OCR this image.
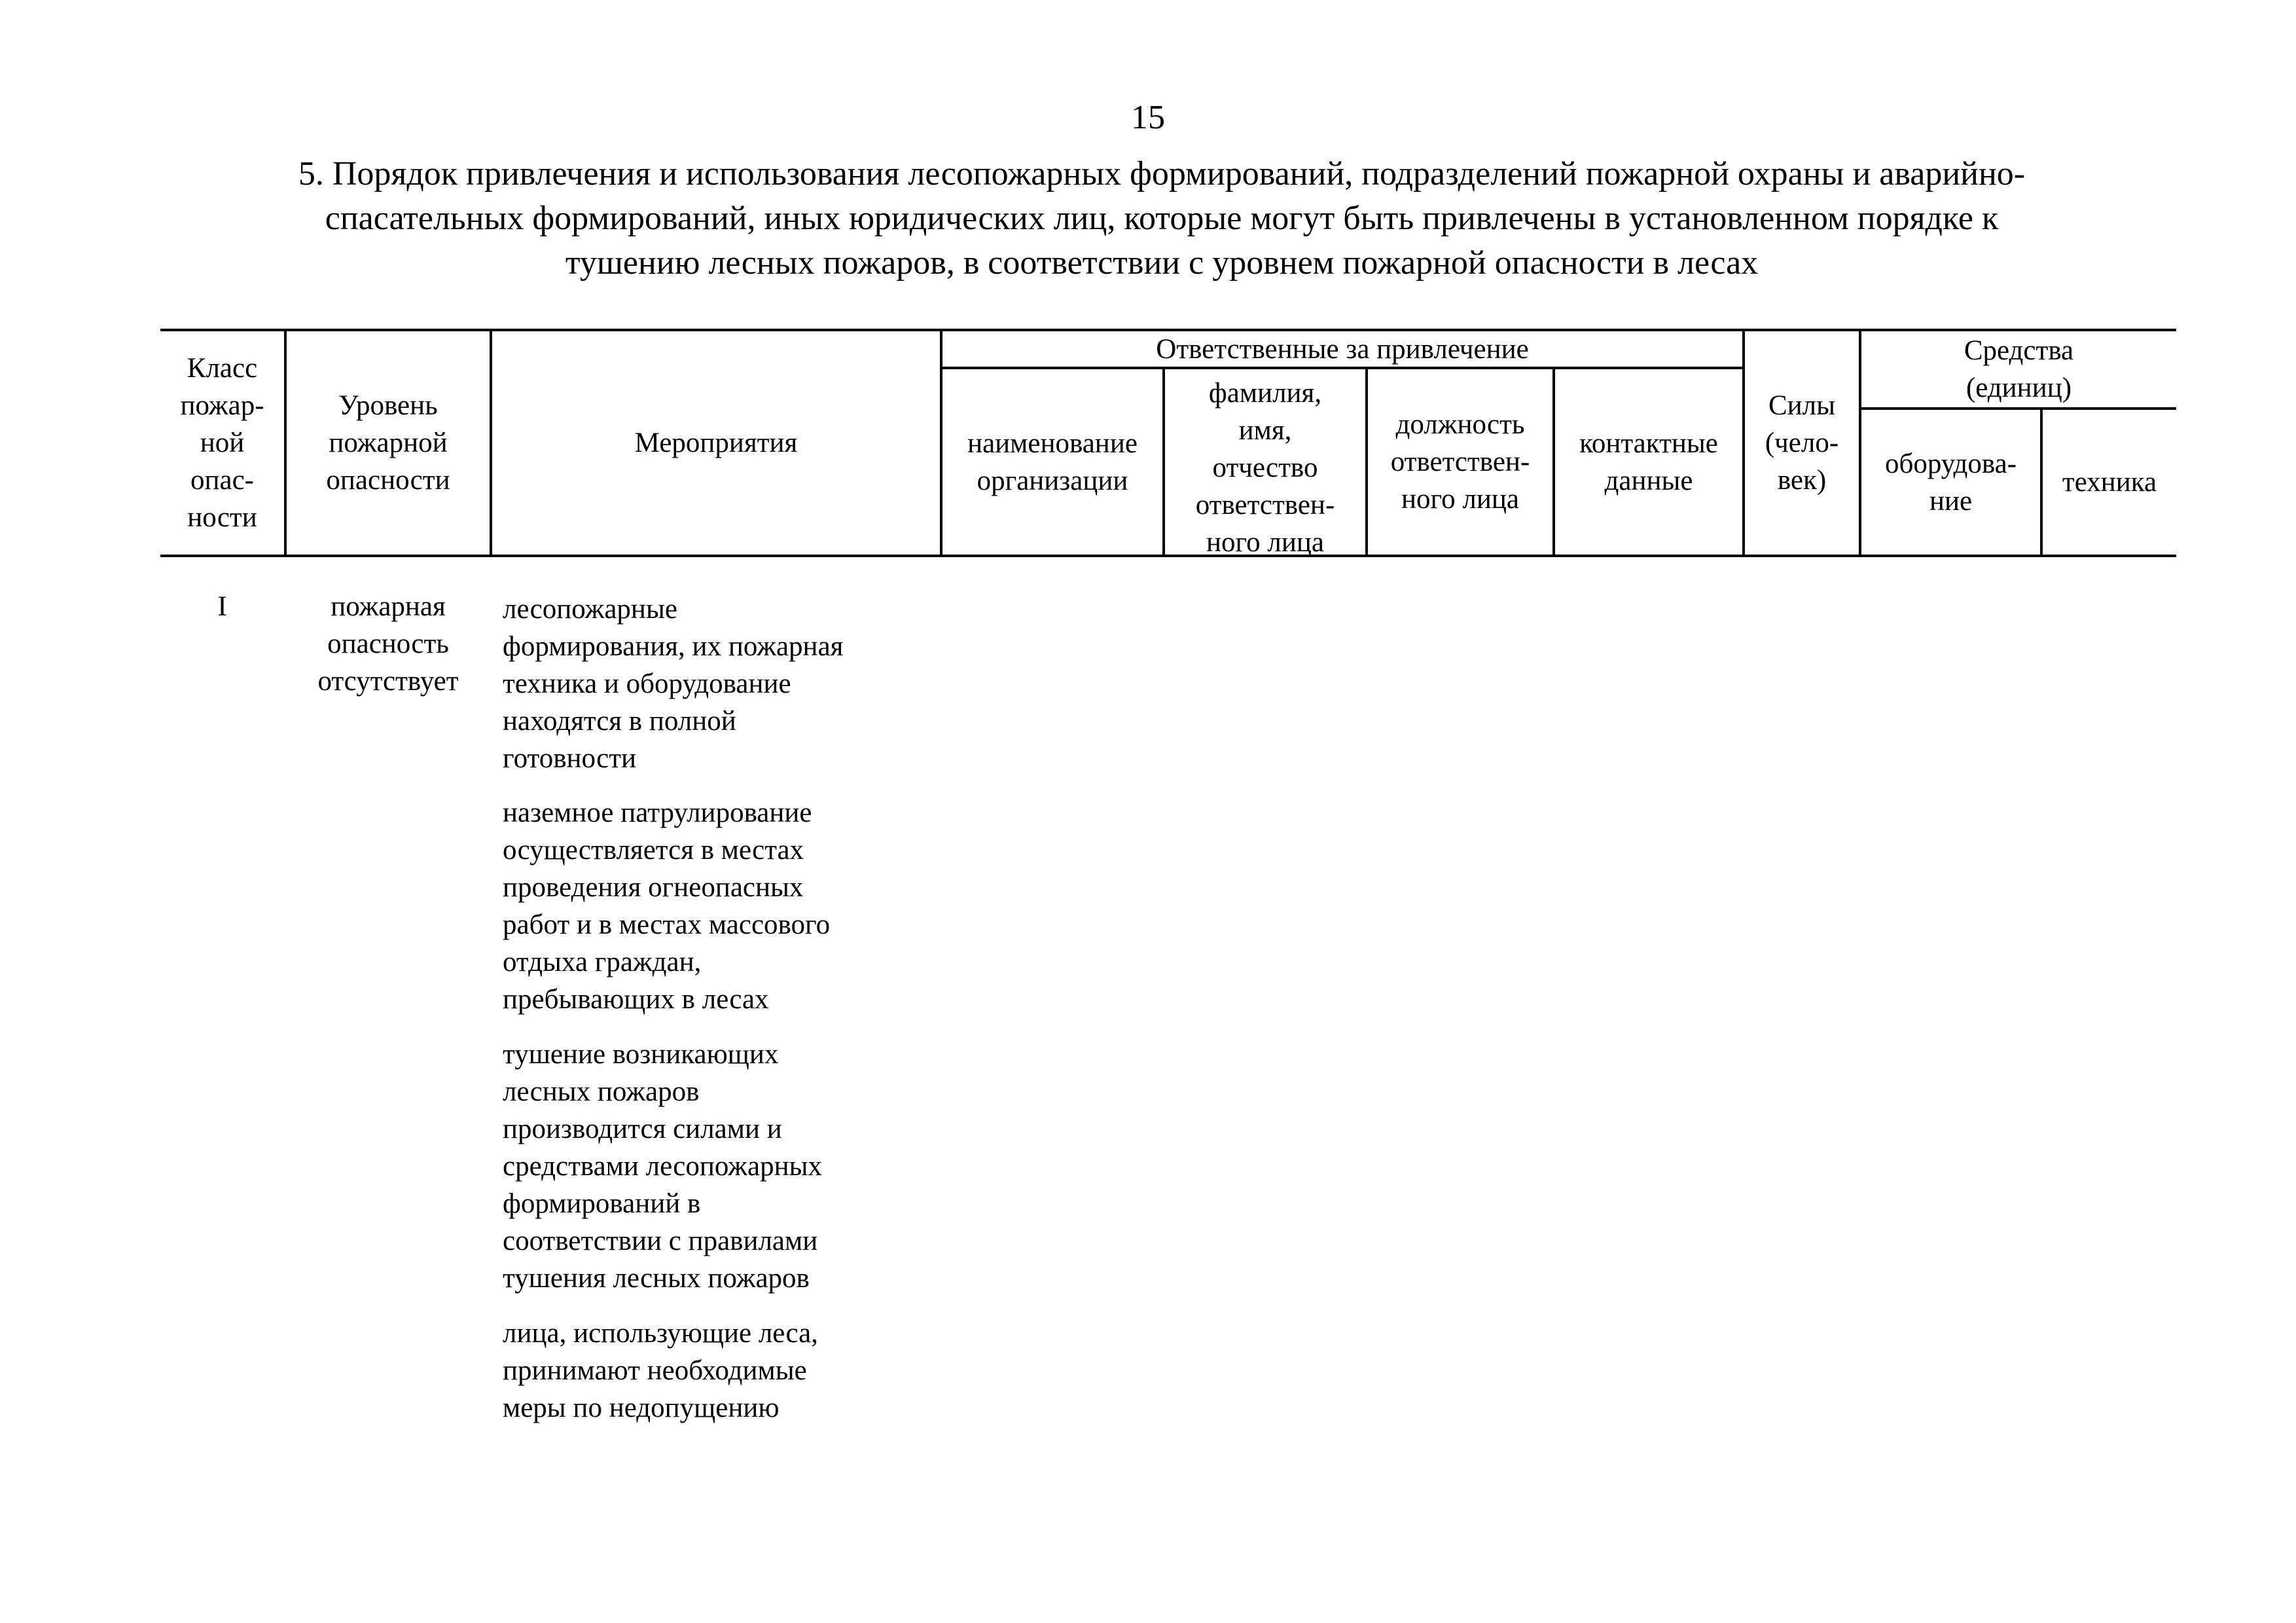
15
5. Порядок привлечения и использования лесопожарных формирований, подразделений пожарной охраны и аварийно-
спасательных формирований, иных юридических лиц, которые могут быть привлечены в установленном порядке к
тушению лесных пожаров, в соответствии с уровнем пожарной опасности в лесах
Класс
пожар-
ной
опас-
ности
Уровень
пожарной
опасности
Мероприятия
Ответственные за привлечение
наименование
организации
фамилия,
имя,
отчество
ответствен-
ного лица
должность
ответствен-
ного лица
контактные
данные
Силы
(чело-
век)
Средства
(единиц)
оборудова-
ние
техника
I	пожарная
опасность
отсутствует
лесопожарные
формирования, их пожарная
техника и оборудование
находятся в полной
готовности
наземное патрулирование
осуществляется в местах
проведения огнеопасных
работ и в местах массового
отдыха граждан,
пребывающих в лесах
тушение возникающих
лесных пожаров
производится силами и
средствами лесопожарных
формирований в
соответствии с правилами
тушения лесных пожаров
лица, использующие леса,
принимают необходимые
меры по недопущению
